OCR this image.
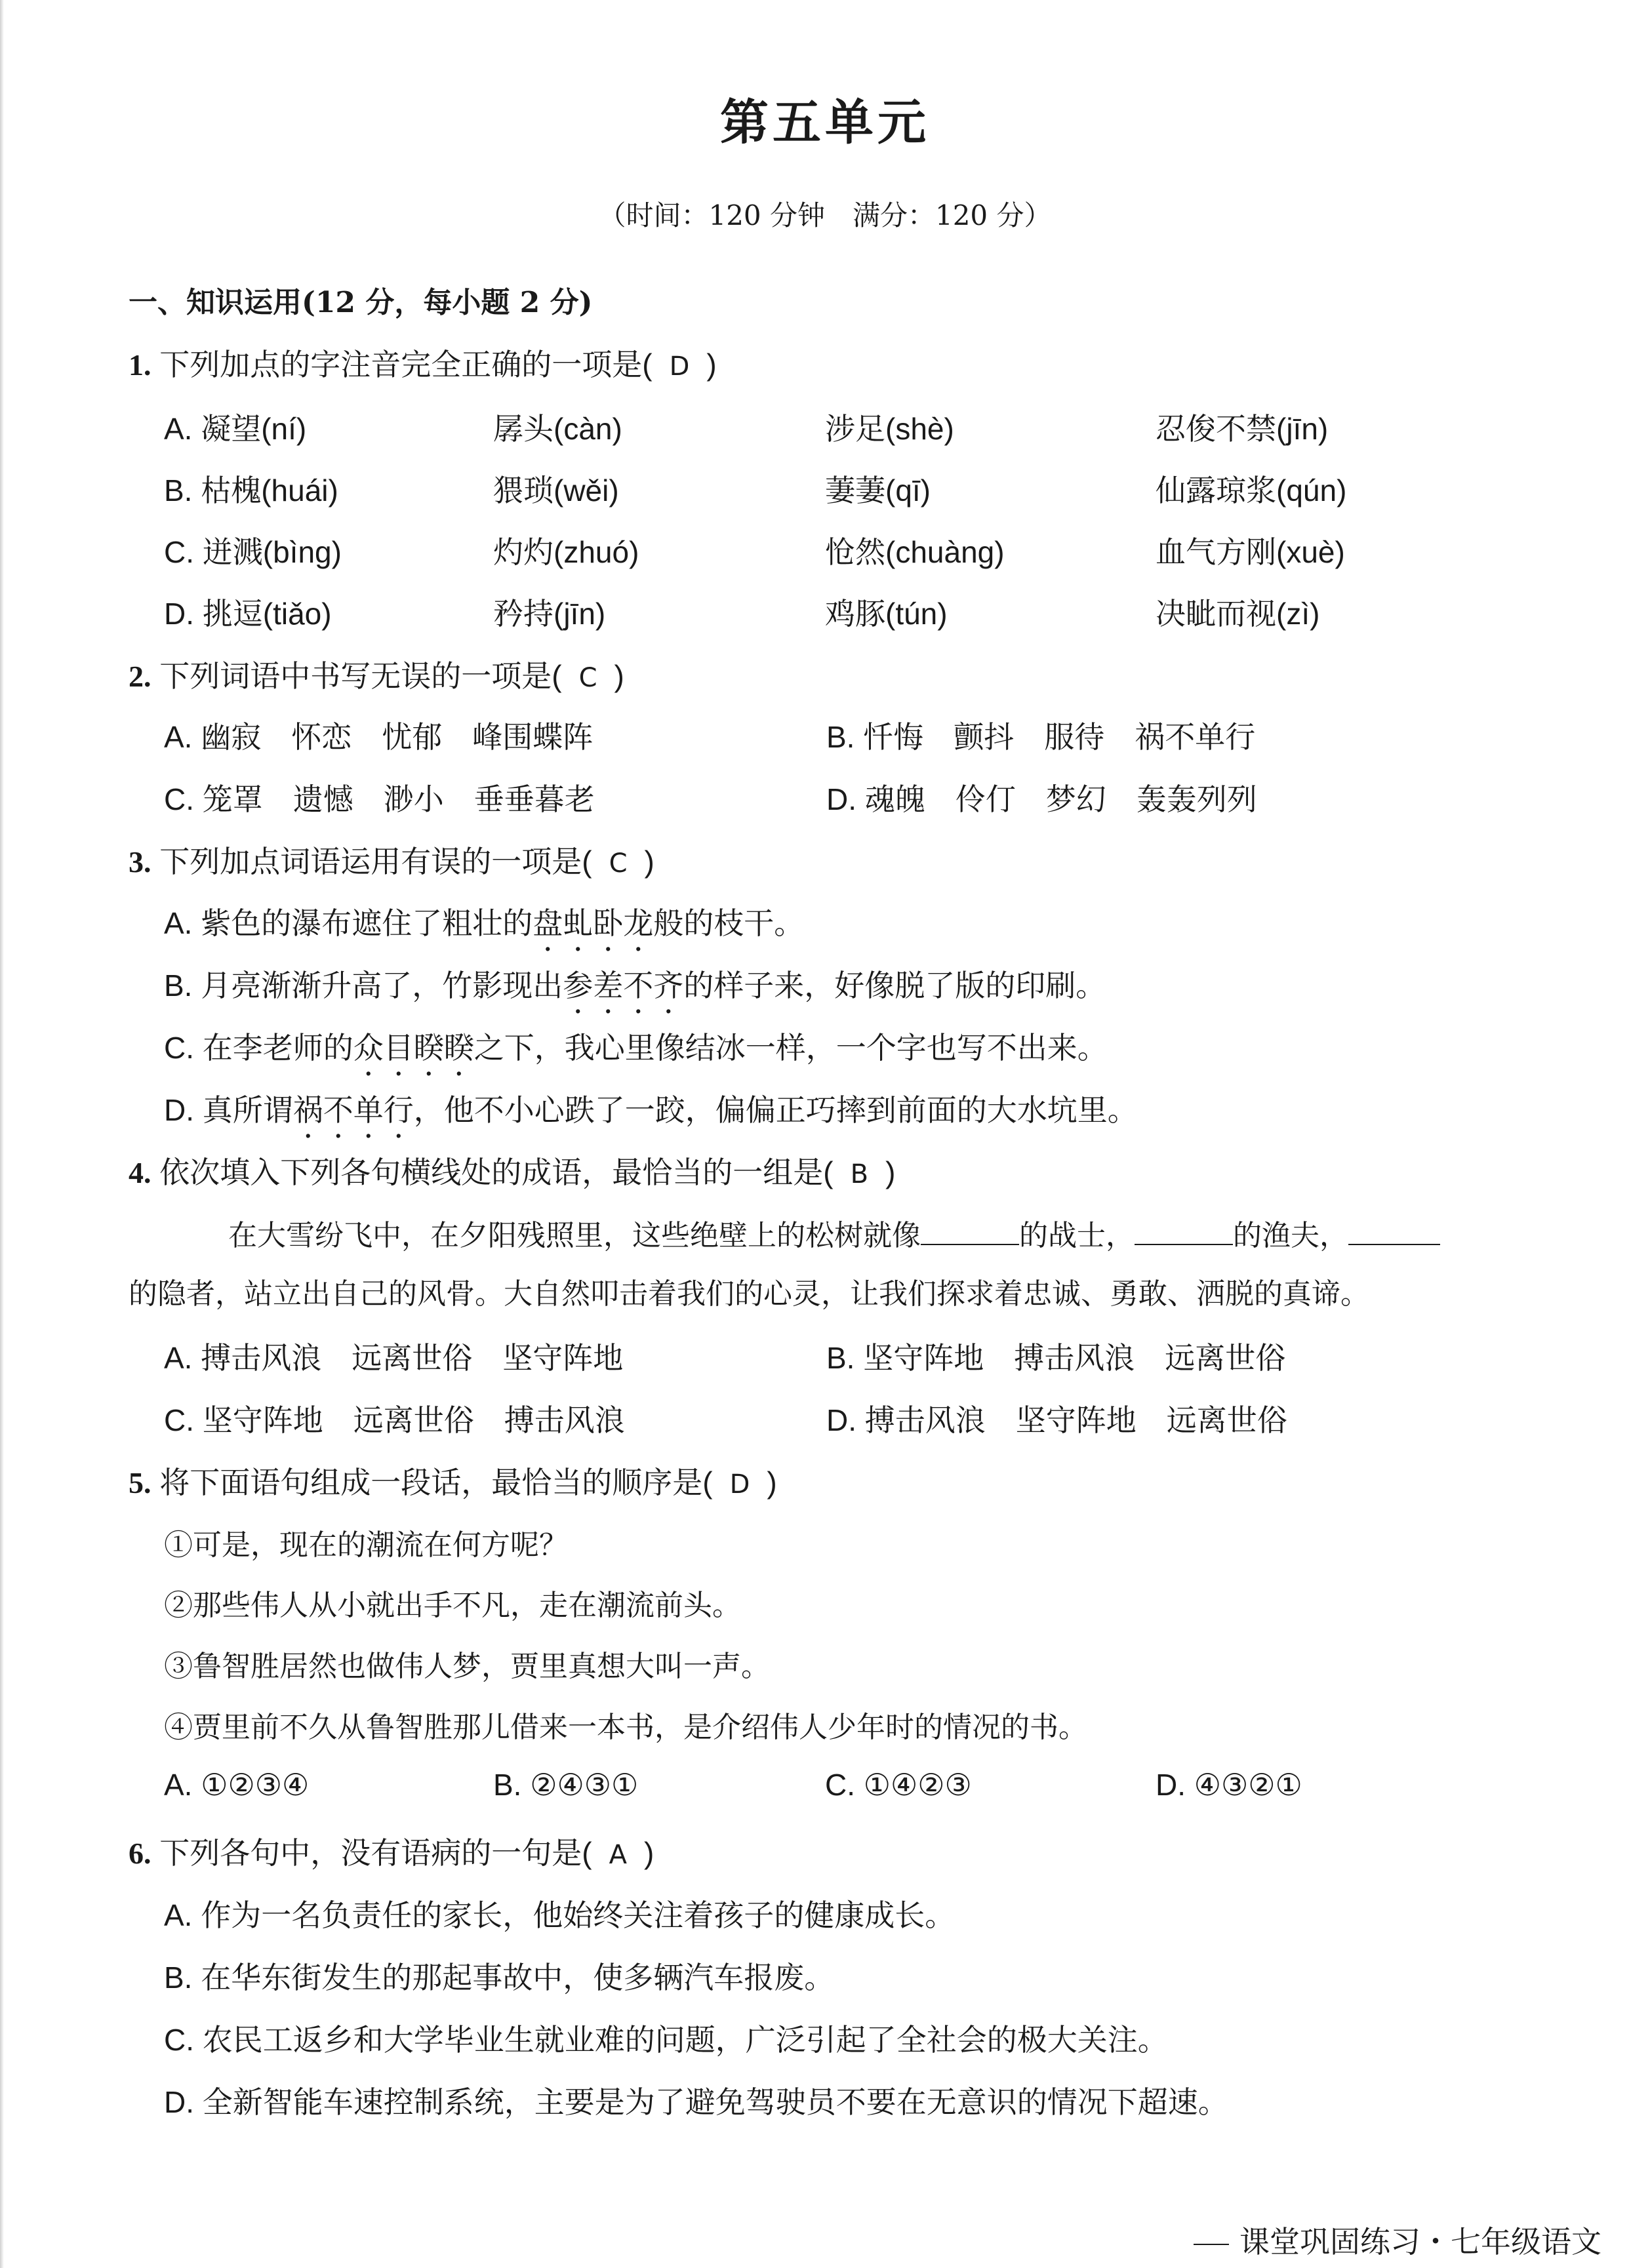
第五单元
（时间：120 分钟　满分：120 分）
一、知识运用(12 分，每小题 2 分)
1. 下列加点的字注音完全正确的一项是( D )
A. 凝望(ní)	孱头(càn)	涉足(shè)	忍俊不禁(jīn)
B. 枯槐(huái)	猥琐(wěi)	萋萋(qī)	仙露琼浆(qún)
C. 迸溅(bìng)	灼灼(zhuó)	怆然(chuàng)	血气方刚(xuè)
D. 挑逗(tiǎo)	矜持(jīn)	鸡豚(tún)	决眦而视(zì)
2. 下列词语中书写无误的一项是( C )
A. 幽寂　怀恋　忧郁　峰围蝶阵	B. 忏悔　颤抖　服待　祸不单行
C. 笼罩　遗憾　渺小　垂垂暮老	D. 魂魄　伶仃　梦幻　轰轰列列
3. 下列加点词语运用有误的一项是( C )
A. 紫色的瀑布遮住了粗壮的盘虬卧龙般的枝干。
B. 月亮渐渐升高了，竹影现出参差不齐的样子来，好像脱了版的印刷。
C. 在李老师的众目睽睽之下，我心里像结冰一样，一个字也写不出来。
D. 真所谓祸不单行，他不小心跌了一跤，偏偏正巧摔到前面的大水坑里。
4. 依次填入下列各句横线处的成语，最恰当的一组是( B )
在大雪纷飞中，在夕阳残照里，这些绝壁上的松树就像	的战士，	的渔夫，
的隐者，站立出自己的风骨。大自然叩击着我们的心灵，让我们探求着忠诚、勇敢、洒脱的真谛。
A. 搏击风浪　远离世俗　坚守阵地	B. 坚守阵地　搏击风浪　远离世俗
C. 坚守阵地　远离世俗　搏击风浪	D. 搏击风浪　坚守阵地　远离世俗
5. 将下面语句组成一段话，最恰当的顺序是( D )
①可是，现在的潮流在何方呢？
②那些伟人从小就出手不凡，走在潮流前头。
③鲁智胜居然也做伟人梦，贾里真想大叫一声。
④贾里前不久从鲁智胜那儿借来一本书，是介绍伟人少年时的情况的书。
A. ①②③④	B. ②④③①	C. ①④②③	D. ④③②①
6. 下列各句中，没有语病的一句是( A )
A. 作为一名负责任的家长，他始终关注着孩子的健康成长。
B. 在华东街发生的那起事故中，使多辆汽车报废。
C. 农民工返乡和大学毕业生就业难的问题，广泛引起了全社会的极大关注。
D. 全新智能车速控制系统，主要是为了避免驾驶员不要在无意识的情况下超速。
课堂巩固练习・七年级语文
